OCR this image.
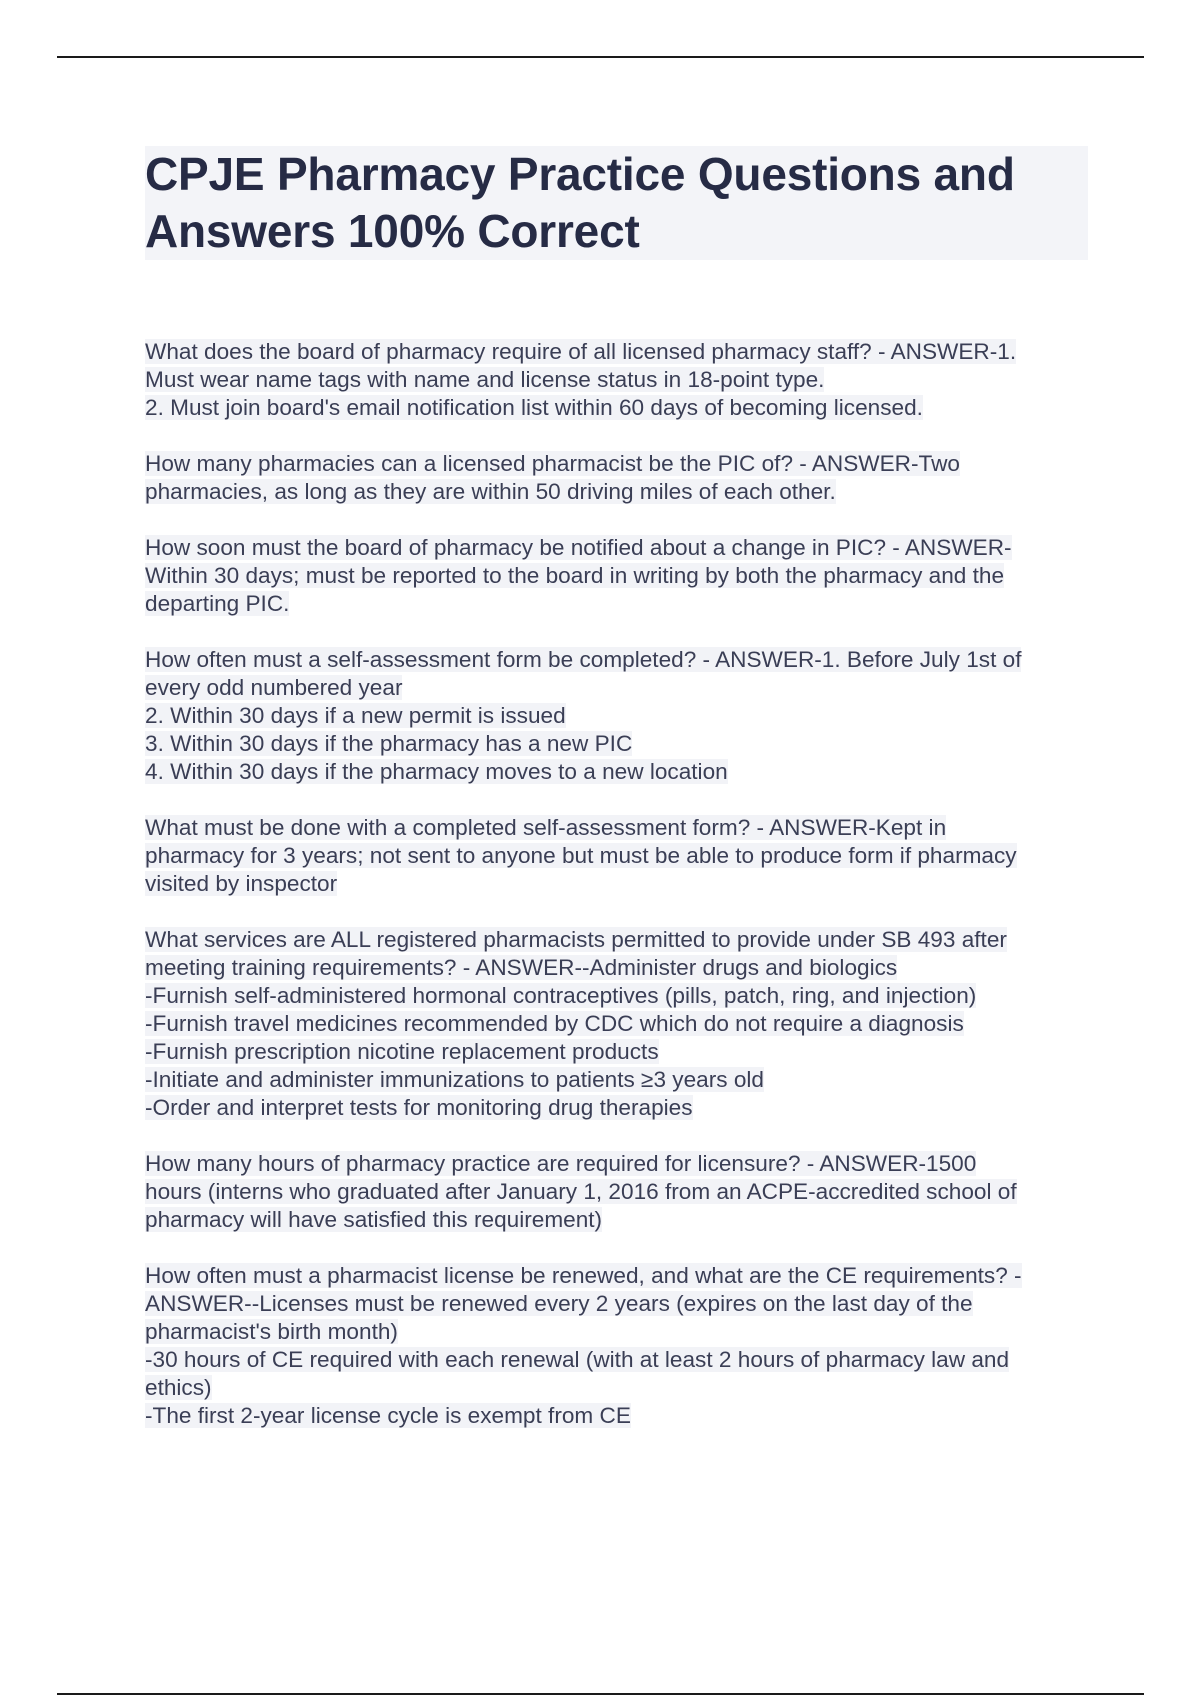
CPJE Pharmacy Practice Questions and Answers 100% Correct
What does the board of pharmacy require of all licensed pharmacy staff? - ANSWER-1.
Must wear name tags with name and license status in 18-point type.
2. Must join board's email notification list within 60 days of becoming licensed.
How many pharmacies can a licensed pharmacist be the PIC of? - ANSWER-Two
pharmacies, as long as they are within 50 driving miles of each other.
How soon must the board of pharmacy be notified about a change in PIC? - ANSWER-
Within 30 days; must be reported to the board in writing by both the pharmacy and the
departing PIC.
How often must a self-assessment form be completed? - ANSWER-1. Before July 1st of
every odd numbered year
2. Within 30 days if a new permit is issued
3. Within 30 days if the pharmacy has a new PIC
4. Within 30 days if the pharmacy moves to a new location
What must be done with a completed self-assessment form? - ANSWER-Kept in
pharmacy for 3 years; not sent to anyone but must be able to produce form if pharmacy
visited by inspector
What services are ALL registered pharmacists permitted to provide under SB 493 after
meeting training requirements? - ANSWER--Administer drugs and biologics
-Furnish self-administered hormonal contraceptives (pills, patch, ring, and injection)
-Furnish travel medicines recommended by CDC which do not require a diagnosis
-Furnish prescription nicotine replacement products
-Initiate and administer immunizations to patients ≥3 years old
-Order and interpret tests for monitoring drug therapies
How many hours of pharmacy practice are required for licensure? - ANSWER-1500
hours (interns who graduated after January 1, 2016 from an ACPE-accredited school of
pharmacy will have satisfied this requirement)
How often must a pharmacist license be renewed, and what are the CE requirements? -
ANSWER--Licenses must be renewed every 2 years (expires on the last day of the
pharmacist's birth month)
-30 hours of CE required with each renewal (with at least 2 hours of pharmacy law and
ethics)
-The first 2-year license cycle is exempt from CE
